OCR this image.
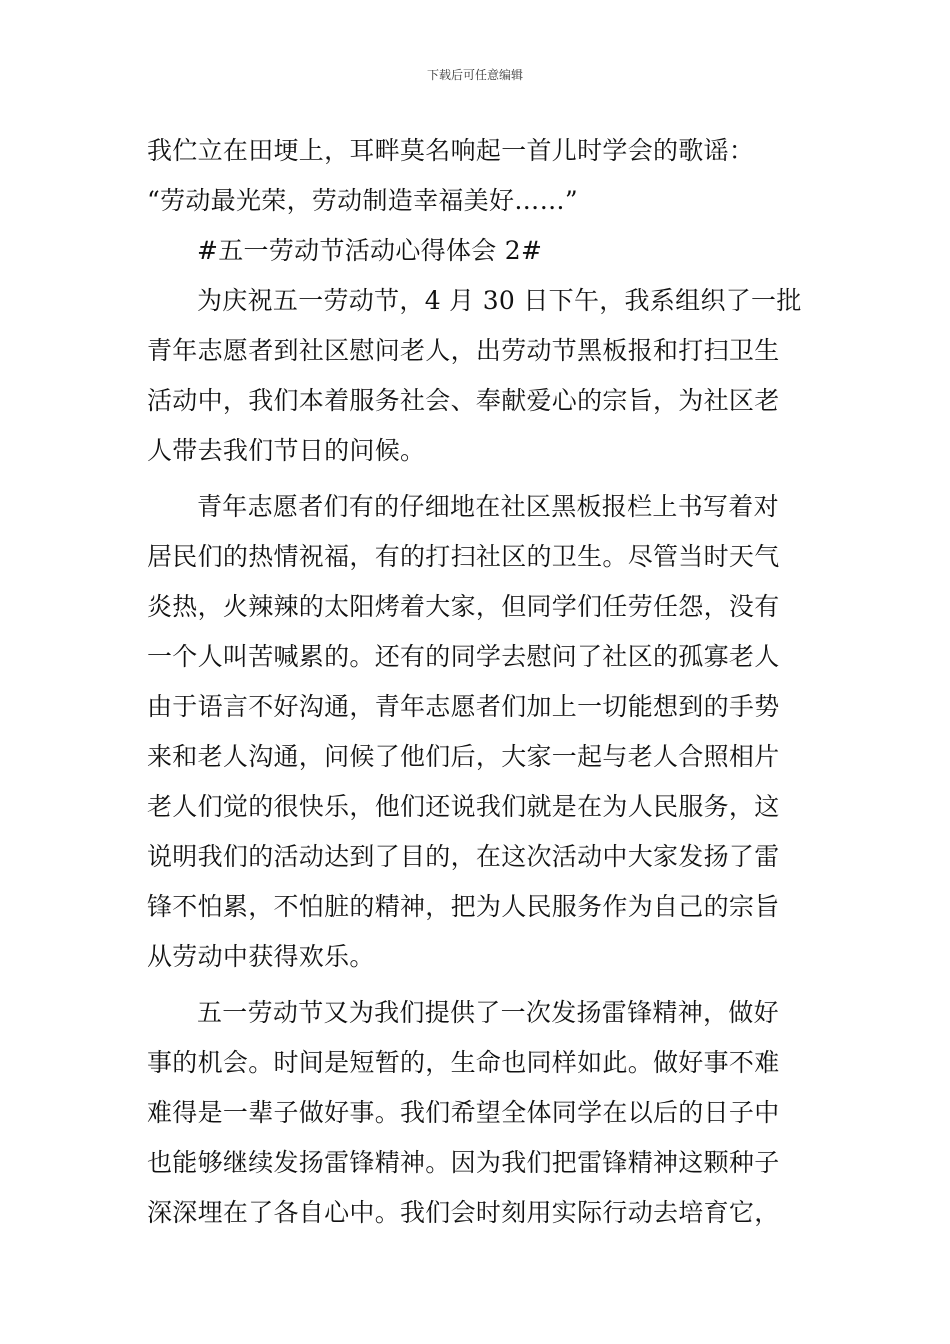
下载后可任意编辑
我伫立在田埂上，耳畔莫名响起一首儿时学会的歌谣：
“劳动最光荣，劳动制造幸福美好……”
#五一劳动节活动心得体会 2#
为庆祝五一劳动节，4 月 30 日下午，我系组织了一批
青年志愿者到社区慰问老人，出劳动节黑板报和打扫卫生
活动中，我们本着服务社会、奉献爱心的宗旨，为社区老
人带去我们节日的问候。
青年志愿者们有的仔细地在社区黑板报栏上书写着对
居民们的热情祝福，有的打扫社区的卫生。尽管当时天气
炎热，火辣辣的太阳烤着大家，但同学们任劳任怨，没有
一个人叫苦喊累的。还有的同学去慰问了社区的孤寡老人
由于语言不好沟通，青年志愿者们加上一切能想到的手势
来和老人沟通，问候了他们后，大家一起与老人合照相片
老人们觉的很快乐，他们还说我们就是在为人民服务，这
说明我们的活动达到了目的，在这次活动中大家发扬了雷
锋不怕累，不怕脏的精神，把为人民服务作为自己的宗旨
从劳动中获得欢乐。
五一劳动节又为我们提供了一次发扬雷锋精神，做好
事的机会。时间是短暂的，生命也同样如此。做好事不难
难得是一辈子做好事。我们希望全体同学在以后的日子中
也能够继续发扬雷锋精神。因为我们把雷锋精神这颗种子
深深埋在了各自心中。我们会时刻用实际行动去培育它，
